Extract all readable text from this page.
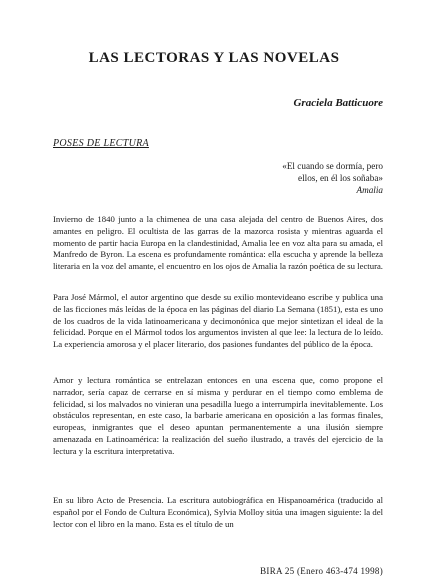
LAS LECTORAS Y LAS NOVELAS
Graciela Batticuore
POSES DE LECTURA
«El cuando se dormía, pero
ellos, en él los soñaba»
Amalia
Invierno de 1840 junto a la chimenea de una casa alejada del centro de Buenos Aires, dos amantes en peligro. El ocultista de las garras de la mazorca rosista y mientras aguarda el momento de partir hacia Europa en la clandestinidad, Amalia lee en voz alta para su amada, el Manfredo de Byron. La escena es profundamente romántica: ella escucha y aprende la belleza literaria en la voz del amante, el encuentro en los ojos de Amalia la razón poética de su lectura.
Para José Mármol, el autor argentino que desde su exilio montevideano escribe y publica una de las ficciones más leídas de la época en las páginas del diario La Semana (1851), esta es uno de los cuadros de la vida latinoamericana y decimonónica que mejor sintetizan el ideal de la felicidad. Porque en el Mármol todos los argumentos invisten al que lee: la lectura de lo leído. La experiencia amorosa y el placer literario, dos pasiones fundantes del público de la época.
Amor y lectura romántica se entrelazan entonces en una escena que, como propone el narrador, sería capaz de cerrarse en sí misma y perdurar en el tiempo como emblema de felicidad, si los malvados no vinieran una pesadilla luego a interrumpirla inevitablemente. Los obstáculos representan, en este caso, la barbarie americana en oposición a las formas finales, europeas, inmigrantes que el deseo apuntan permanentemente a una ilusión siempre amenazada en Latinoamérica: la realización del sueño ilustrado, a través del ejercicio de la lectura y la escritura interpretativa.
En su libro Acto de Presencia. La escritura autobiográfica en Hispanoamérica (traducido al español por el Fondo de Cultura Económica), Sylvia Molloy sitúa una imagen siguiente: la del lector con el libro en la mano. Esta es el título de un
BIRA 25 (Enero 463-474 1998)
